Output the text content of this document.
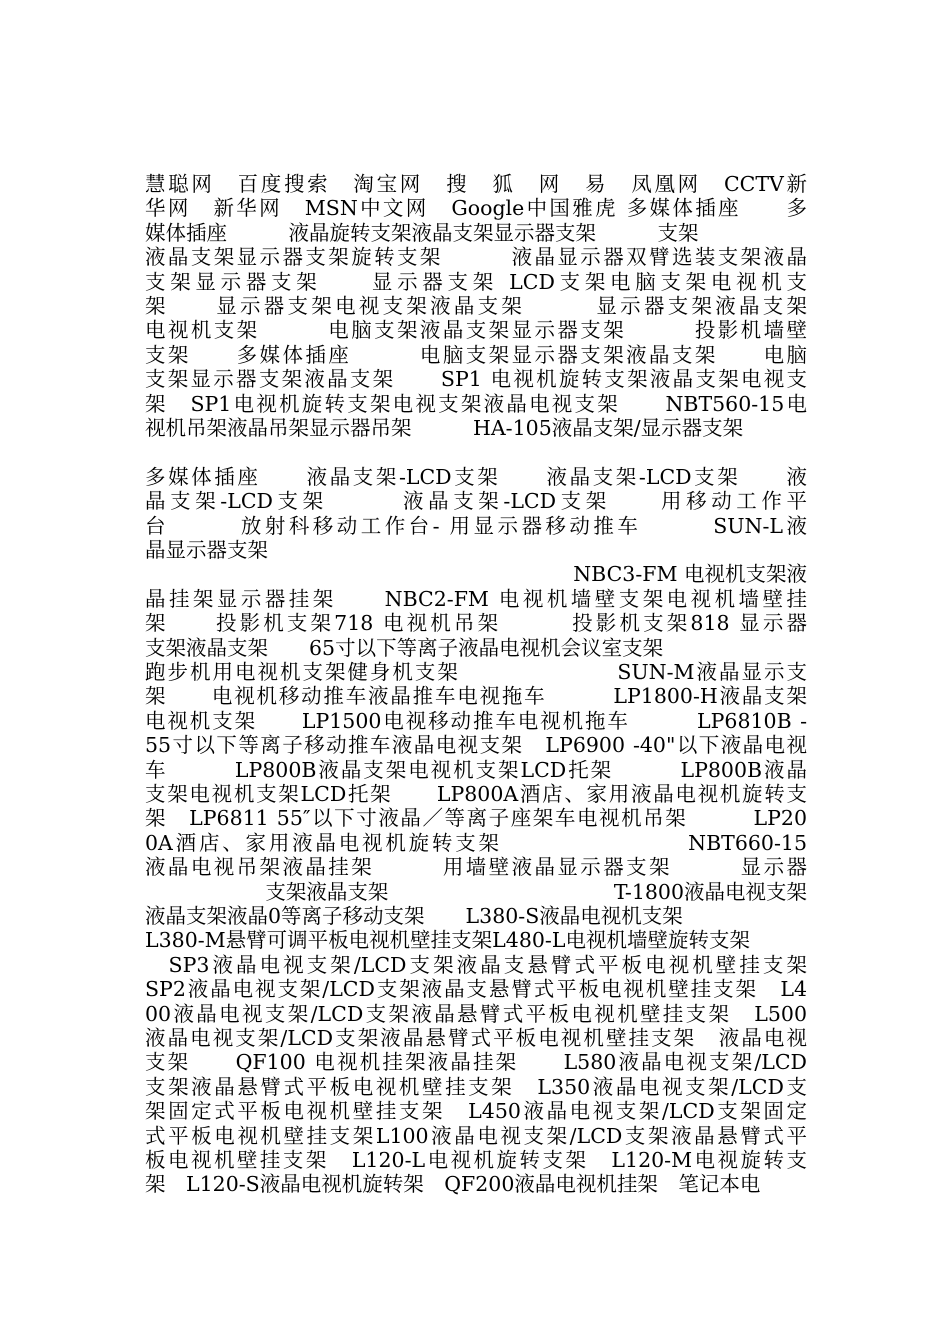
慧聪网　百度搜索　淘宝网　搜　狐　网　易　凤凰网　CCTV新
华网　新华网　MSN中文网　Google中国雅虎 多媒体插座　　多
媒体插座　　　液晶旋转支架液晶支架显示器支架　　　支架
液晶支架显示器支架旋转支架　　　液晶显示器双臂选装支架液晶
支架显示器支架　　显示器支架 LCD支架电脑支架电视机支
架　　显示器支架电视支架液晶支架　　　显示器支架液晶支架
电视机支架　　　电脑支架液晶支架显示器支架　　　投影机墙壁
支架　　多媒体插座　　　电脑支架显示器支架液晶支架　　电脑
支架显示器支架液晶支架　　SP1 电视机旋转支架液晶支架电视支
架　SP1电视机旋转支架电视支架液晶电视支架　　NBT560-15电
视机吊架液晶吊架显示器吊架　　　HA-105液晶支架/显示器支架
多媒体插座　　液晶支架-LCD支架　　液晶支架-LCD支架　　液
晶支架-LCD支架　　　液晶支架-LCD支架　　用移动工作平
台　　　放射科移动工作台- 用显示器移动推车　　　SUN-L液
晶显示器支架
NBC3-FM 电视机支架液
晶挂架显示器挂架　　NBC2-FM 电视机墙壁支架电视机墙壁挂
架　　投影机支架718 电视机吊架　　　投影机支架818 显示器
支架液晶支架　　65寸以下等离子液晶电视机会议室支架
跑步机用电视机支架健身机支架　　　　　　　SUN-M液晶显示支
架　　电视机移动推车液晶推车电视拖车　　　LP1800-H液晶支架
电视机支架　　LP1500电视移动推车电视机拖车　　　LP6810B -
55寸以下等离子移动推车液晶电视支架　LP6900 -40"以下液晶电视
车　　　LP800B液晶支架电视机支架LCD托架　　　LP800B液晶
支架电视机支架LCD托架　　LP800A酒店、家用液晶电视机旋转支
架　LP6811 55″以下寸液晶／等离子座架车电视机吊架　　　LP20
0A酒店、家用液晶电视机旋转支架　　　　　　　　NBT660-15
液晶电视吊架液晶挂架　　　用墙壁液晶显示器支架　　　显示器
支架液晶支架　　　　　　　　　　　T-1800液晶电视支架
液晶支架液晶0等离子移动支架　　L380-S液晶电视机支架
L380-M悬臂可调平板电视机壁挂支架L480-L电视机墙壁旋转支架
　SP3液晶电视支架/LCD支架液晶支悬臂式平板电视机壁挂支架
SP2液晶电视支架/LCD支架液晶支悬臂式平板电视机壁挂支架　L4
00液晶电视支架/LCD支架液晶悬臂式平板电视机壁挂支架　L500
液晶电视支架/LCD支架液晶悬臂式平板电视机壁挂支架　液晶电视
支架　　QF100 电视机挂架液晶挂架　　L580液晶电视支架/LCD
支架液晶悬臂式平板电视机壁挂支架　L350液晶电视支架/LCD支
架固定式平板电视机壁挂支架　L450液晶电视支架/LCD支架固定
式平板电视机壁挂支架L100液晶电视支架/LCD支架液晶悬臂式平
板电视机壁挂支架　L120-L电视机旋转支架　L120-M电视旋转支
架　L120-S液晶电视机旋转架　QF200液晶电视机挂架　笔记本电
